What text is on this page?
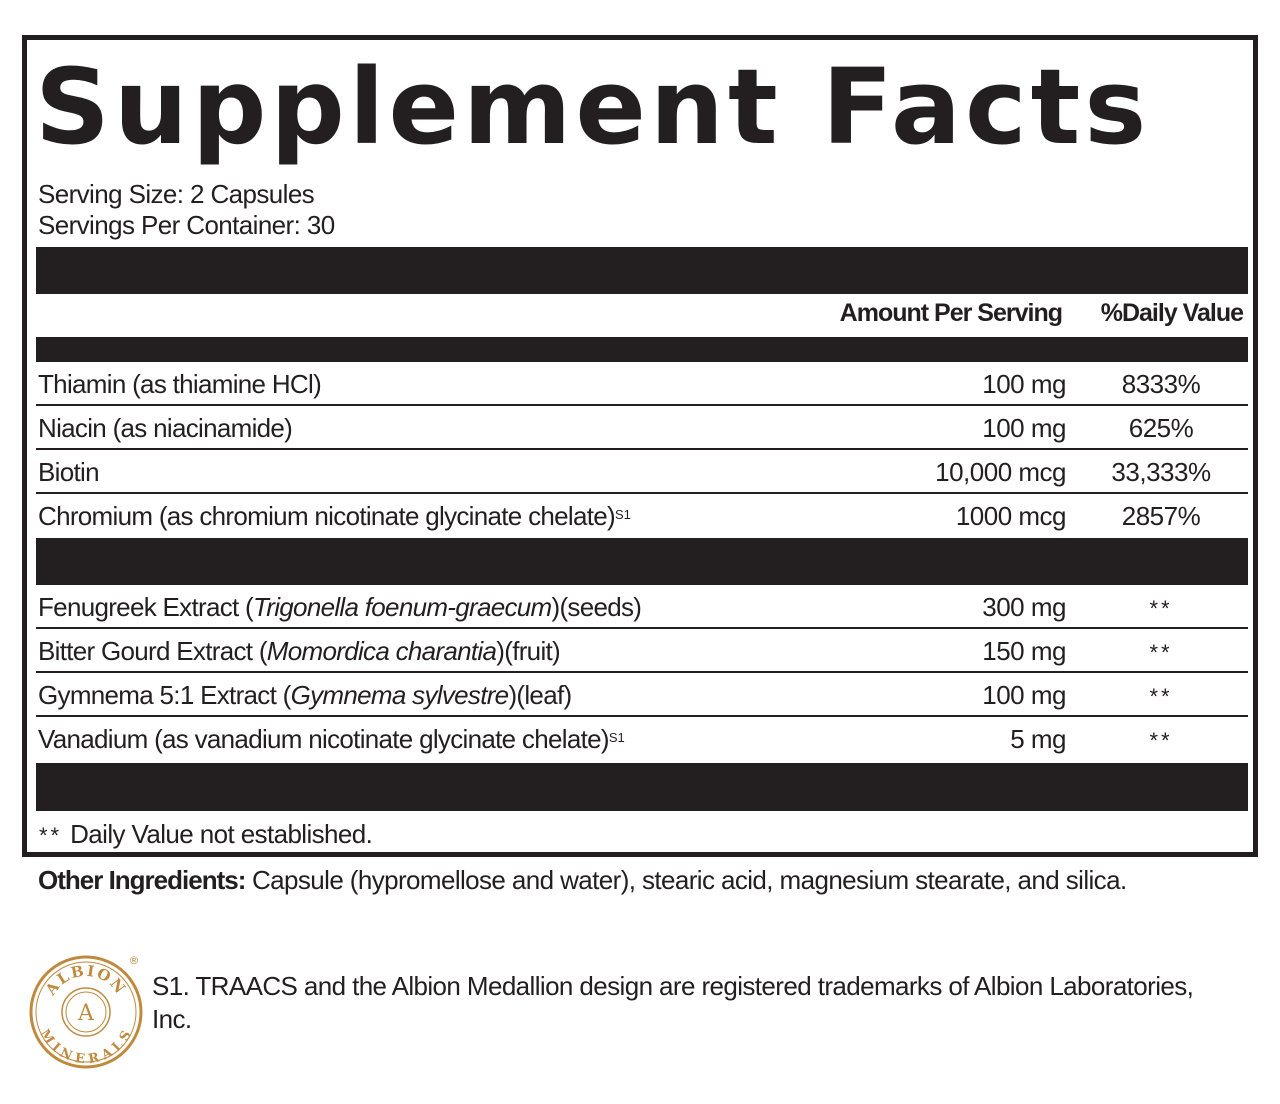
Supplement Facts
Serving Size: 2 Capsules
Servings Per Container: 30
Amount Per Serving %Daily Value
Thiamin (as thiamine HCl)	100 mg	8333%
Niacin (as niacinamide)	100 mg	625%
Biotin	10,000 mcg	33,333%
Chromium (as chromium nicotinate glycinate chelate)$^{S1}$	1000 mcg	2857%
Fenugreek Extract (Trigonella foenum-graecum)(seeds)	300 mg	**
Bitter Gourd Extract (Momordica charantia)(fruit)	150 mg	**
Gymnema 5:1 Extract (Gymnema sylvestre)(leaf)	100 mg	**
Vanadium (as vanadium nicotinate glycinate chelate)$^{S1}$	5 mg	**
** Daily Value not established.

Other Ingredients: Capsule (hypromellose and water), stearic acid, magnesium stearate, and silica.

ALBION
MINERALS
A
®

S1. TRAACS and the Albion Medallion design are registered trademarks of Albion Laboratories, Inc.
